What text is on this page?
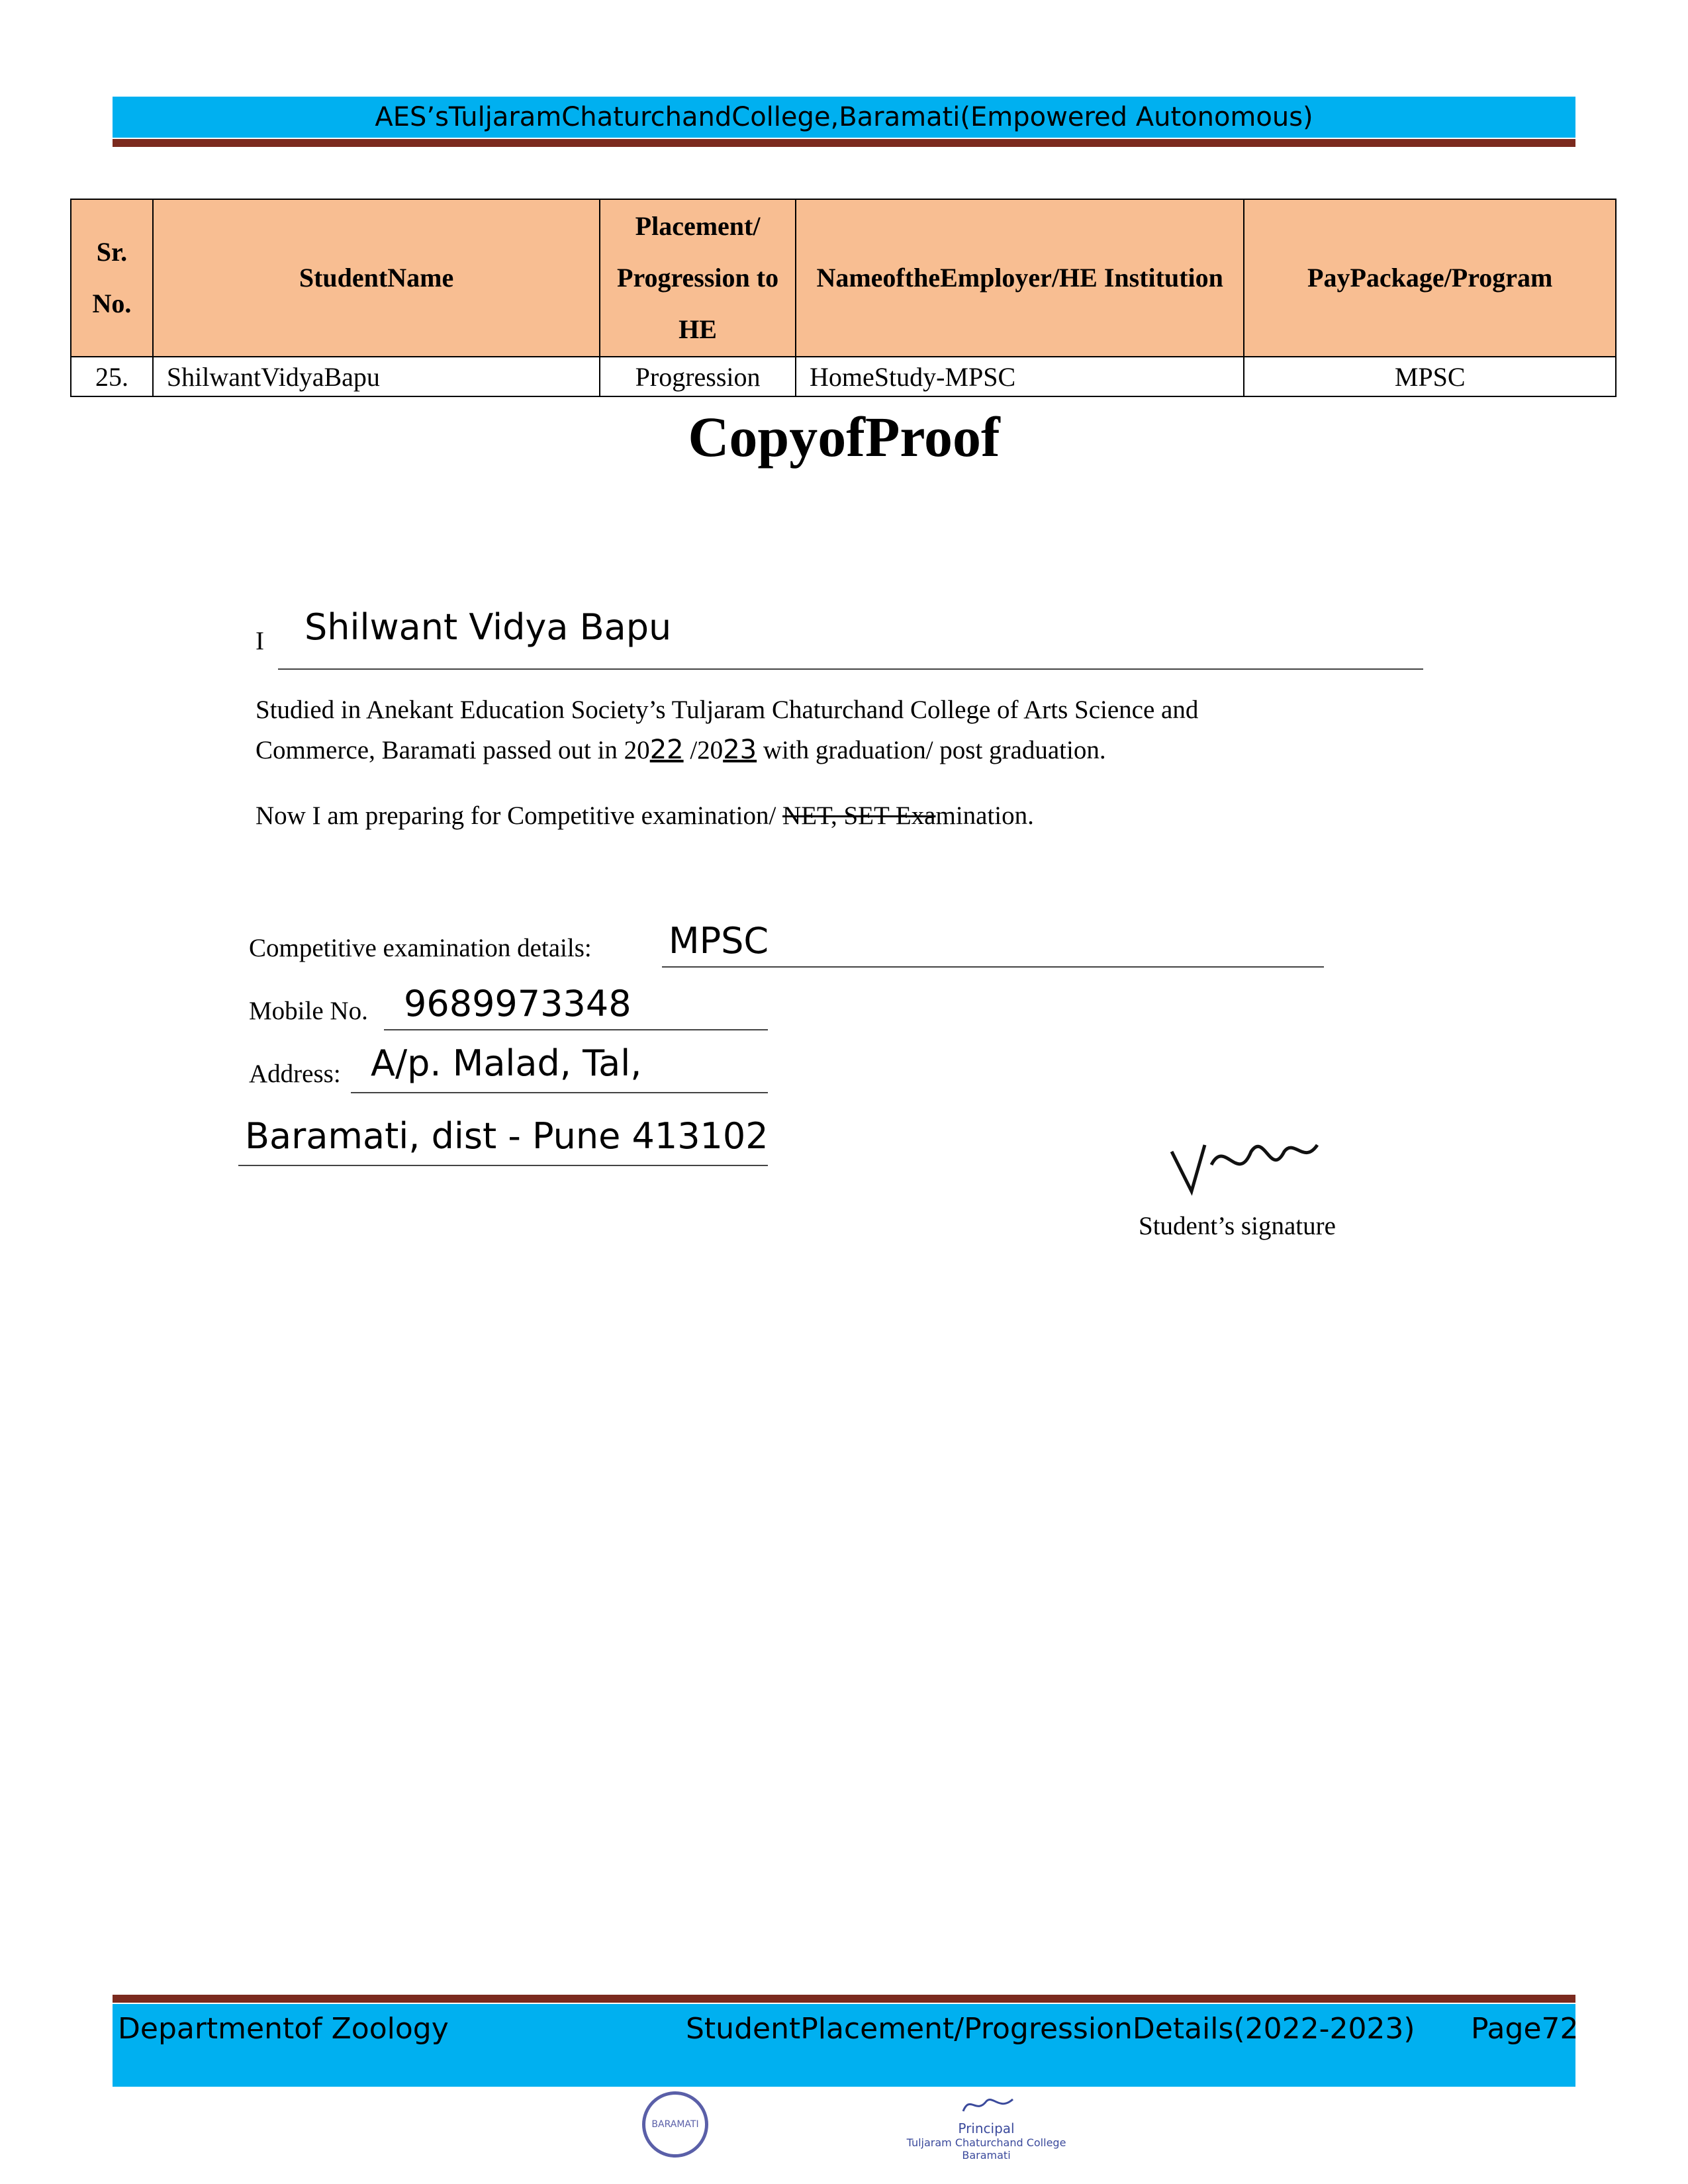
AES’sTuljaramChaturchandCollege,Baramati(Empowered Autonomous)
Sr. No.	StudentName	Placement/ Progression to HE	NameoftheEmployer/HE Institution	PayPackage/Program
25.	ShilwantVidyaBapu	Progression	HomeStudy-MPSC	MPSC
CopyofProof
I Shilwant Vidya Bapu
Studied in Anekant Education Society’s Tuljaram Chaturchand College of Arts Science and
Commerce, Baramati passed out in 2022 /2023 with graduation/ post graduation.
Now I am preparing for Competitive examination/ NET, SET Examination.
Competitive examination details: MPSC
Mobile No. 9689973348
Address: A/p. Malad, Tal,
Baramati, dist - Pune 413102
Student’s signature
Departmentof Zoology	StudentPlacement/ProgressionDetails(2022-2023) Page72
BARAMATI	Principal
Tuljaram Chaturchand College
Baramati
